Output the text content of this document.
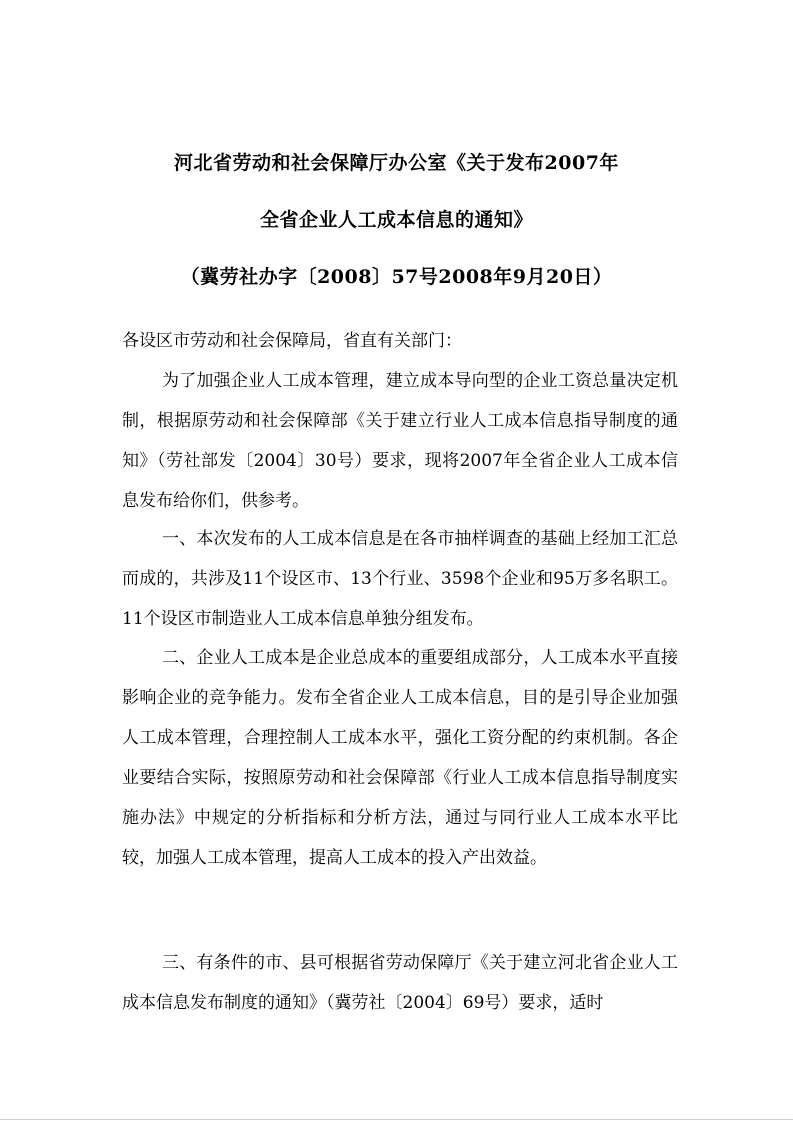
河北省劳动和社会保障厅办公室《关于发布2007年
全省企业人工成本信息的通知》
（冀劳社办字〔2008〕57号2008年9月20日）
各设区市劳动和社会保障局，省直有关部门：

为了加强企业人工成本管理，建立成本导向型的企业工资总量决定机制，根据原劳动和社会保障部《关于建立行业人工成本信息指导制度的通知》（劳社部发〔2004〕30号）要求，现将2007年全省企业人工成本信息发布给你们，供参考。

一、本次发布的人工成本信息是在各市抽样调查的基础上经加工汇总而成的，共涉及11个设区市、13个行业、3598个企业和95万多名职工。11个设区市制造业人工成本信息单独分组发布。

二、企业人工成本是企业总成本的重要组成部分，人工成本水平直接影响企业的竞争能力。发布全省企业人工成本信息，目的是引导企业加强人工成本管理，合理控制人工成本水平，强化工资分配的约束机制。各企业要结合实际，按照原劳动和社会保障部《行业人工成本信息指导制度实施办法》中规定的分析指标和分析方法，通过与同行业人工成本水平比较，加强人工成本管理，提高人工成本的投入产出效益。

三、有条件的市、县可根据省劳动保障厅《关于建立河北省企业人工成本信息发布制度的通知》（冀劳社〔2004〕69号）要求，适时
